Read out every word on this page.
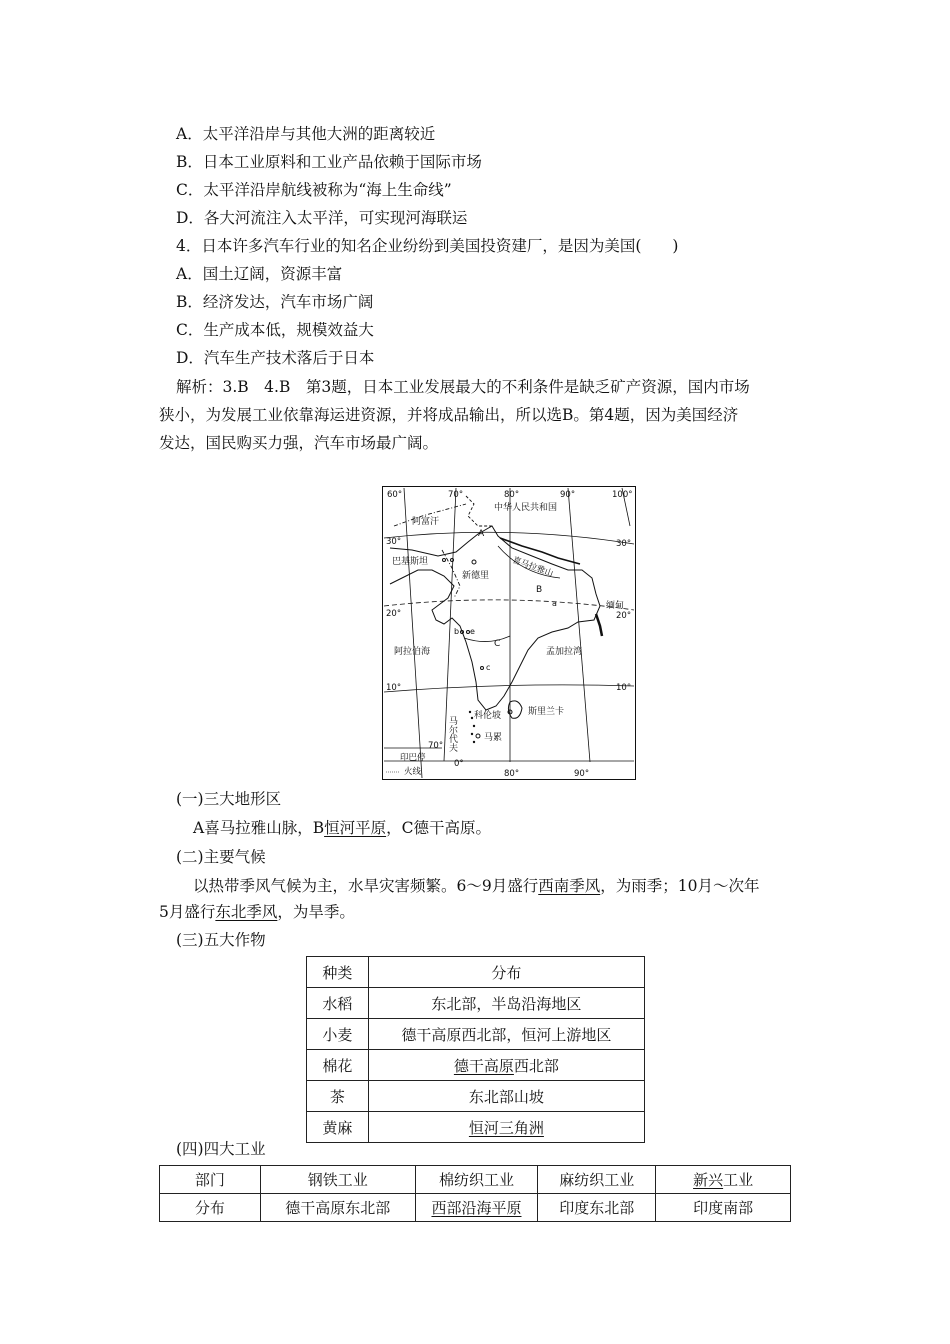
A．太平洋沿岸与其他大洲的距离较近
B．日本工业原料和工业产品依赖于国际市场
C．太平洋沿岸航线被称为“海上生命线”
D．各大河流注入太平洋，可实现河海联运
4．日本许多汽车行业的知名企业纷纷到美国投资建厂，是因为美国(　　)
A．国土辽阔，资源丰富
B．经济发达，汽车市场广阔
C．生产成本低，规模效益大
D．汽车生产技术落后于日本
解析：3.B　4.B　第3题，日本工业发展最大的不利条件是缺乏矿产资源，国内市场
狭小，为发展工业依靠海运进资源，并将成品输出，所以选B。第4题，因为美国经济
发达，国民购买力强，汽车市场最广阔。
60°	70°	80°	90°	100°
70°
80°	90°
30°
20°
10°
0°
30°
20°
10°
阿富汗
中华人民共和国
巴基斯坦
新德里	喜马拉雅山
缅甸
阿拉伯海	孟加拉湾
科伦坡	斯里兰卡
马尔代夫	马累
A
B
C
a
b
c
e
印巴停
火线
(一)三大地形区
A喜马拉雅山脉，B恒河平原，C德干高原。
(二)主要气候
以热带季风气候为主，水旱灾害频繁。6～9月盛行西南季风，为雨季；10月～次年
5月盛行东北季风，为旱季。
(三)五大作物
种类	分布
水稻	东北部，半岛沿海地区
小麦	德干高原西北部，恒河上游地区
棉花	德干高原西北部
茶	东北部山坡
黄麻	恒河三角洲
(四)四大工业
部门	钢铁工业	棉纺织工业	麻纺织工业	新兴工业
分布	德干高原东北部	西部沿海平原	印度东北部	印度南部
